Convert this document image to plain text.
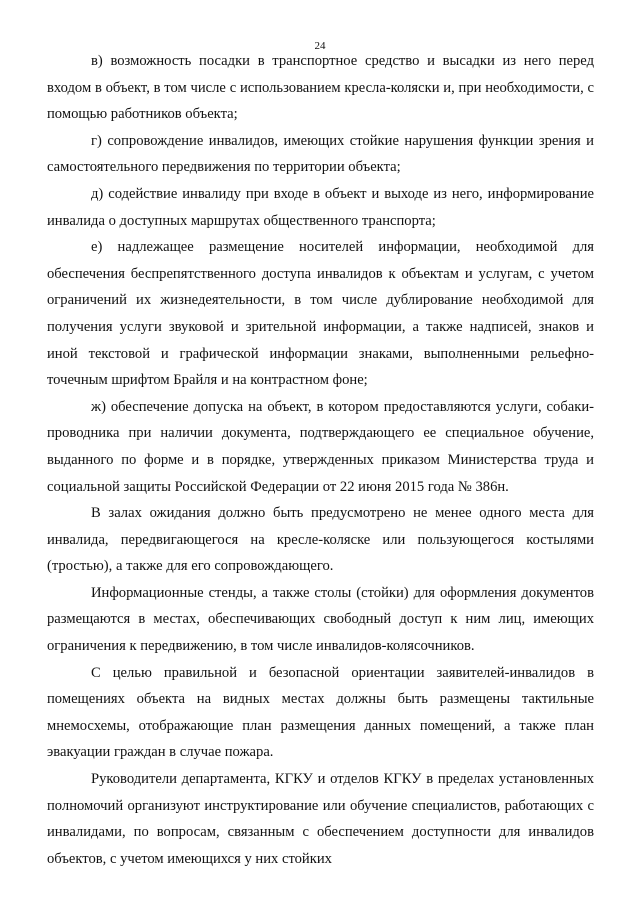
24

в) возможность посадки в транспортное средство и высадки из него перед входом в объект, в том числе с использованием кресла-коляски и, при необходимости, с помощью работников объекта;

г) сопровождение инвалидов, имеющих стойкие нарушения функции зрения и самостоятельного передвижения по территории объекта;

д) содействие инвалиду при входе в объект и выходе из него, информирование инвалида о доступных маршрутах общественного транспорта;

е) надлежащее размещение носителей информации, необходимой для обеспечения беспрепятственного доступа инвалидов к объектам и услугам, с учетом ограничений их жизнедеятельности, в том числе дублирование необходимой для получения услуги звуковой и зрительной информации, а также надписей, знаков и иной текстовой и графической информации знаками, выполненными рельефно-точечным шрифтом Брайля и на контрастном фоне;

ж) обеспечение допуска на объект, в котором предоставляются услуги, собаки-проводника при наличии документа, подтверждающего ее специальное обучение, выданного по форме и в порядке, утвержденных приказом Министерства труда и социальной защиты Российской Федерации от 22 июня 2015 года № 386н.

В залах ожидания должно быть предусмотрено не менее одного места для инвалида, передвигающегося на кресле-коляске или пользующегося костылями (тростью), а также для его сопровождающего.

Информационные стенды, а также столы (стойки) для оформления документов размещаются в местах, обеспечивающих свободный доступ к ним лиц, имеющих ограничения к передвижению, в том числе инвалидов-колясочников.

С целью правильной и безопасной ориентации заявителей-инвалидов в помещениях объекта на видных местах должны быть размещены тактильные мнемосхемы, отображающие план размещения данных помещений, а также план эвакуации граждан в случае пожара.

Руководители департамента, КГКУ и отделов КГКУ в пределах установленных полномочий организуют инструктирование или обучение специалистов, работающих с инвалидами, по вопросам, связанным с обеспечением доступности для инвалидов объектов, с учетом имеющихся у них стойких
